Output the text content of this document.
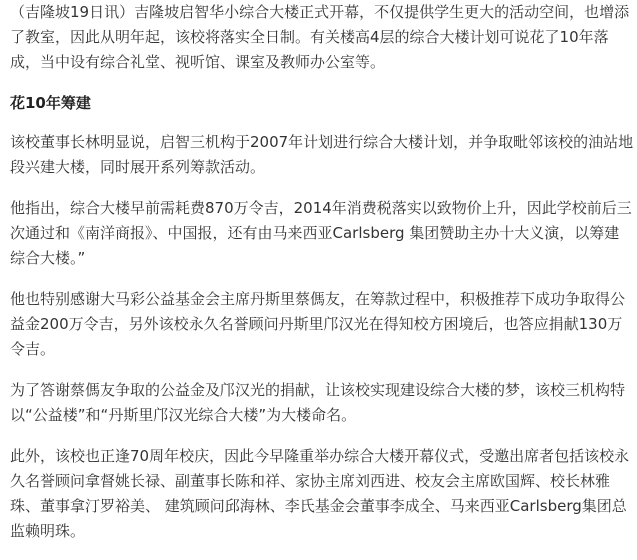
（吉隆坡19日讯）吉隆坡启智华小综合大楼正式开幕，不仅提供学生更大的活动空间，也增添了教室，因此从明年起，该校将落实全日制。有关楼高4层的综合大楼计划可说花了10年落成，当中设有综合礼堂、视听馆、课室及教师办公室等。

花10年筹建

该校董事长林明显说，启智三机构于2007年计划进行综合大楼计划，并争取毗邻该校的油站地段兴建大楼，同时展开系列筹款活动。

他指出，综合大楼早前需耗费870万令吉，2014年消费税落实以致物价上升，因此学校前后三次通过和《南洋商报》、中国报，还有由马来西亚Carlsberg 集团赞助主办十大义演，以筹建综合大楼。”

他也特别感谢大马彩公益基金会主席丹斯里蔡傌友，在筹款过程中，积极推荐下成功争取得公益金200万令吉，另外该校永久名誉顾问丹斯里邝汉光在得知校方困境后，也答应捐献130万令吉。

为了答谢蔡傌友争取的公益金及邝汉光的捐献，让该校实现建设综合大楼的梦，该校三机构特以“公益楼”和“丹斯里邝汉光综合大楼”为大楼命名。

此外，该校也正逢70周年校庆，因此今早隆重举办综合大楼开幕仪式，受邀出席者包括该校永久名誉顾问拿督姚长禄、副董事长陈和祥、家协主席刘西进、校友会主席欧国辉、校长林雅珠、董事拿汀罗裕美、 建筑顾问邱海林、李氏基金会董事李成全、马来西亚Carlsberg集团总监赖明珠。
